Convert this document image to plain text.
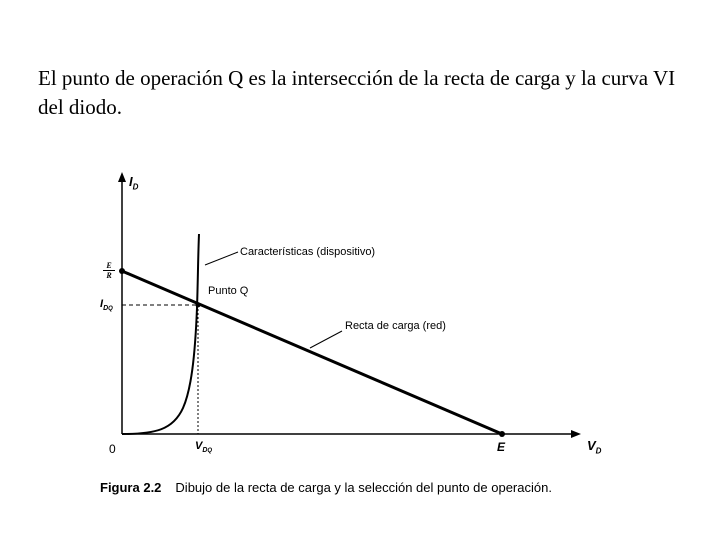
El punto de operación Q es la intersección de la recta de carga y la curva VI del diodo.
$I_D$
$V_D$
0
$\frac{E}{R}$
$I_{DQ}$
$V_{DQ}$	E
Características (dispositivo)
Punto Q
Recta de carga (red)
Figura 2.2 Dibujo de la recta de carga y la selección del punto de operación.
